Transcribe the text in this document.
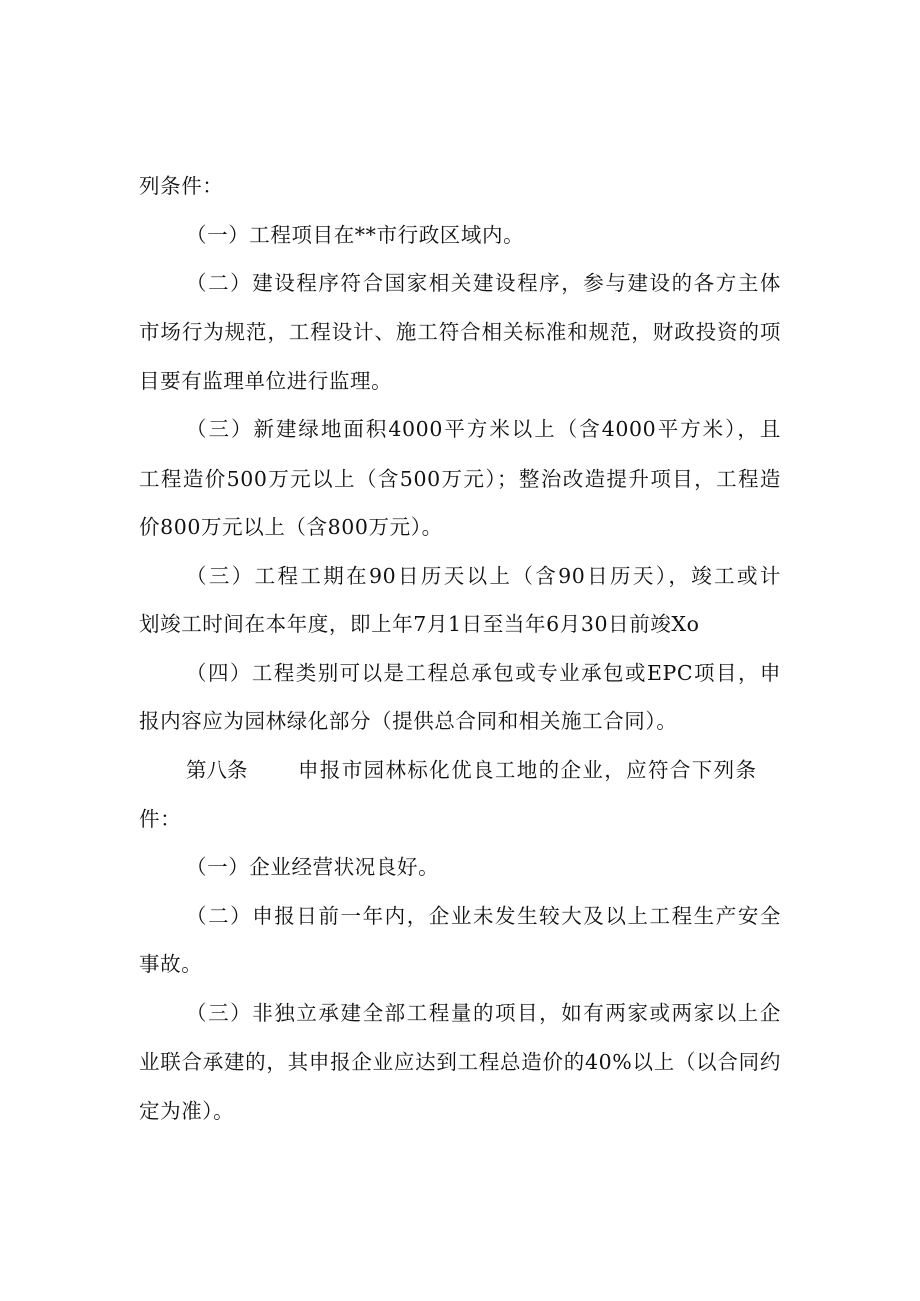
列条件：
（一）工程项目在**市行政区域内。
（二）建设程序符合国家相关建设程序，参与建设的各方主体
市场行为规范，工程设计、施工符合相关标准和规范，财政投资的项
目要有监理单位进行监理。
（三）新建绿地面积4000平方米以上（含4000平方米），且
工程造价500万元以上（含500万元）；整治改造提升项目，工程造
价800万元以上（含800万元）。
（三）工程工期在90日历天以上（含90日历天），竣工或计
划竣工时间在本年度，即上年7月1日至当年6月30日前竣Xo
（四）工程类别可以是工程总承包或专业承包或EPC项目，申
报内容应为园林绿化部分（提供总合同和相关施工合同）。
第八条 申报市园林标化优良工地的企业，应符合下列条
件：
（一）企业经营状况良好。
（二）申报日前一年内，企业未发生较大及以上工程生产安全
事故。
（三）非独立承建全部工程量的项目，如有两家或两家以上企
业联合承建的，其申报企业应达到工程总造价的40%以上（以合同约
定为准）。
